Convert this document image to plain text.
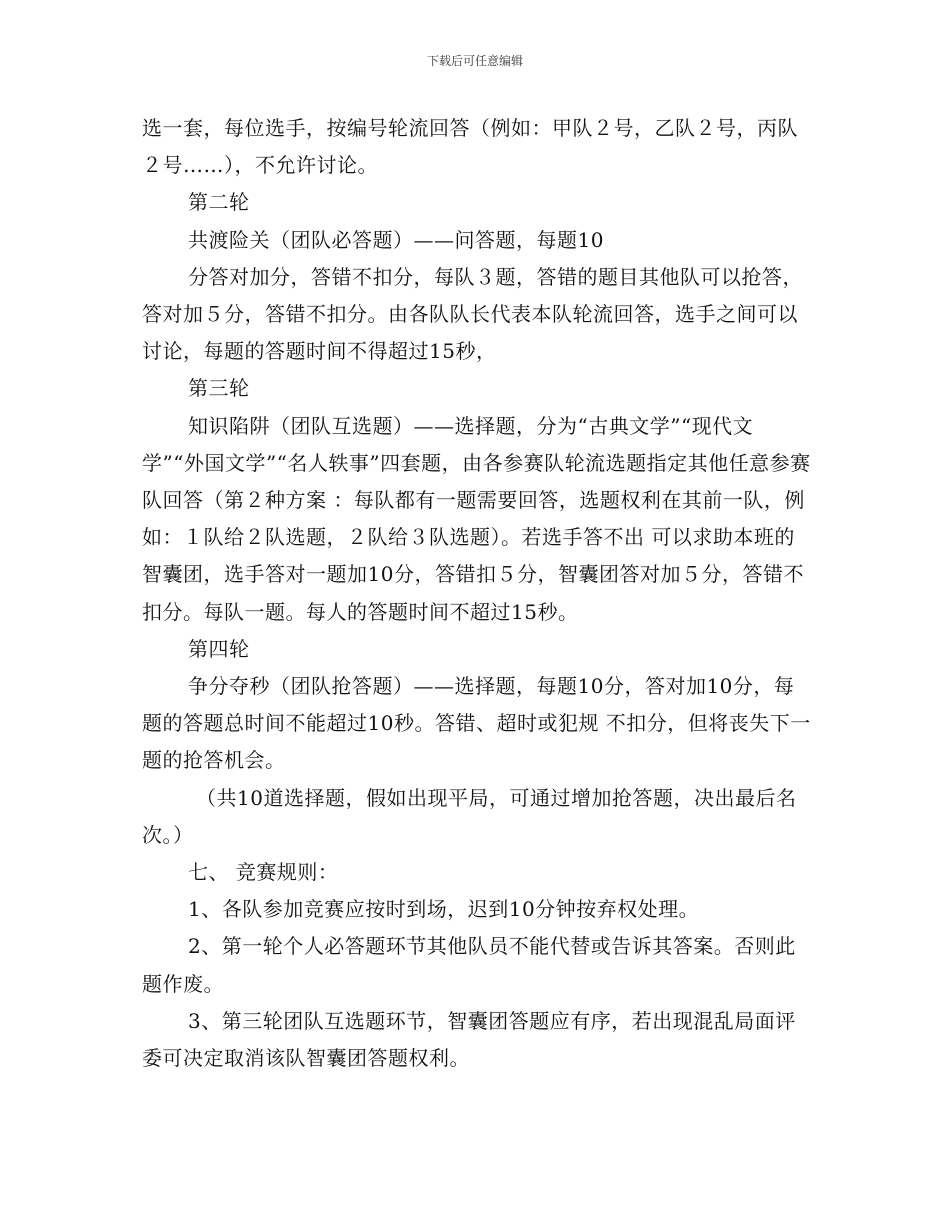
下载后可任意编辑

选一套，每位选手，按编号轮流回答（例如：甲队２号，乙队２号，丙队２号……），不允许讨论。

第二轮

共渡险关（团队必答题）——问答题，每题10

分答对加分，答错不扣分，每队３题，答错的题目其他队可以抢答，答对加５分，答错不扣分。由各队队长代表本队轮流回答，选手之间可以讨论，每题的答题时间不得超过15秒，

第三轮

知识陷阱（团队互选题）——选择题，分为“古典文学”“现代文学”“外国文学”“名人轶事”四套题，由各参赛队轮流选题指定其他任意参赛队回答（第２种方案 ：每队都有一题需要回答，选题权利在其前一队，例如：１队给２队选题，２队给３队选题）。若选手答不出 可以求助本班的智囊团，选手答对一题加10分，答错扣５分，智囊团答对加５分，答错不扣分。每队一题。每人的答题时间不超过15秒。

第四轮

争分夺秒（团队抢答题）——选择题，每题10分，答对加10分，每题的答题总时间不能超过10秒。答错、超时或犯规 不扣分，但将丧失下一题的抢答机会。

（共10道选择题，假如出现平局，可通过增加抢答题，决出最后名次。）

七、 竞赛规则：

1、各队参加竞赛应按时到场，迟到10分钟按弃权处理。

2、第一轮个人必答题环节其他队员不能代替或告诉其答案。否则此题作废。

3、第三轮团队互选题环节，智囊团答题应有序，若出现混乱局面评委可决定取消该队智囊团答题权利。
